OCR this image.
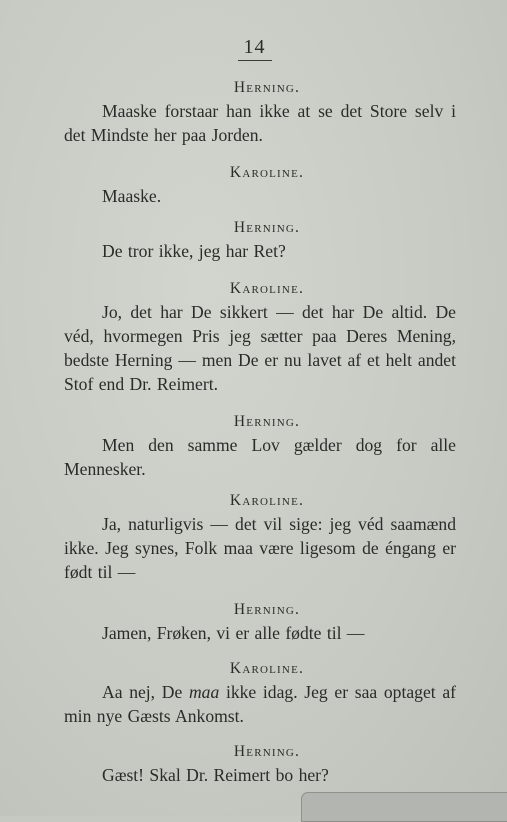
14
Herning.

Maaske forstaar han ikke at se det Store selv i det Mindste her paa Jorden.

Karoline.

Maaske.

Herning.

De tror ikke, jeg har Ret?

Karoline.

Jo, det har De sikkert — det har De altid. De véd, hvormegen Pris jeg sætter paa Deres Mening, bedste Herning — men De er nu lavet af et helt andet Stof end Dr. Reimert.

Herning.

Men den samme Lov gælder dog for alle Mennesker.

Karoline.

Ja, naturligvis — det vil sige: jeg véd saamænd ikke. Jeg synes, Folk maa være ligesom de éngang er født til —

Herning.

Jamen, Frøken, vi er alle fødte til —

Karoline.

Aa nej, De maa ikke idag. Jeg er saa optaget af min nye Gæsts Ankomst.

Herning.

Gæst! Skal Dr. Reimert bo her?
